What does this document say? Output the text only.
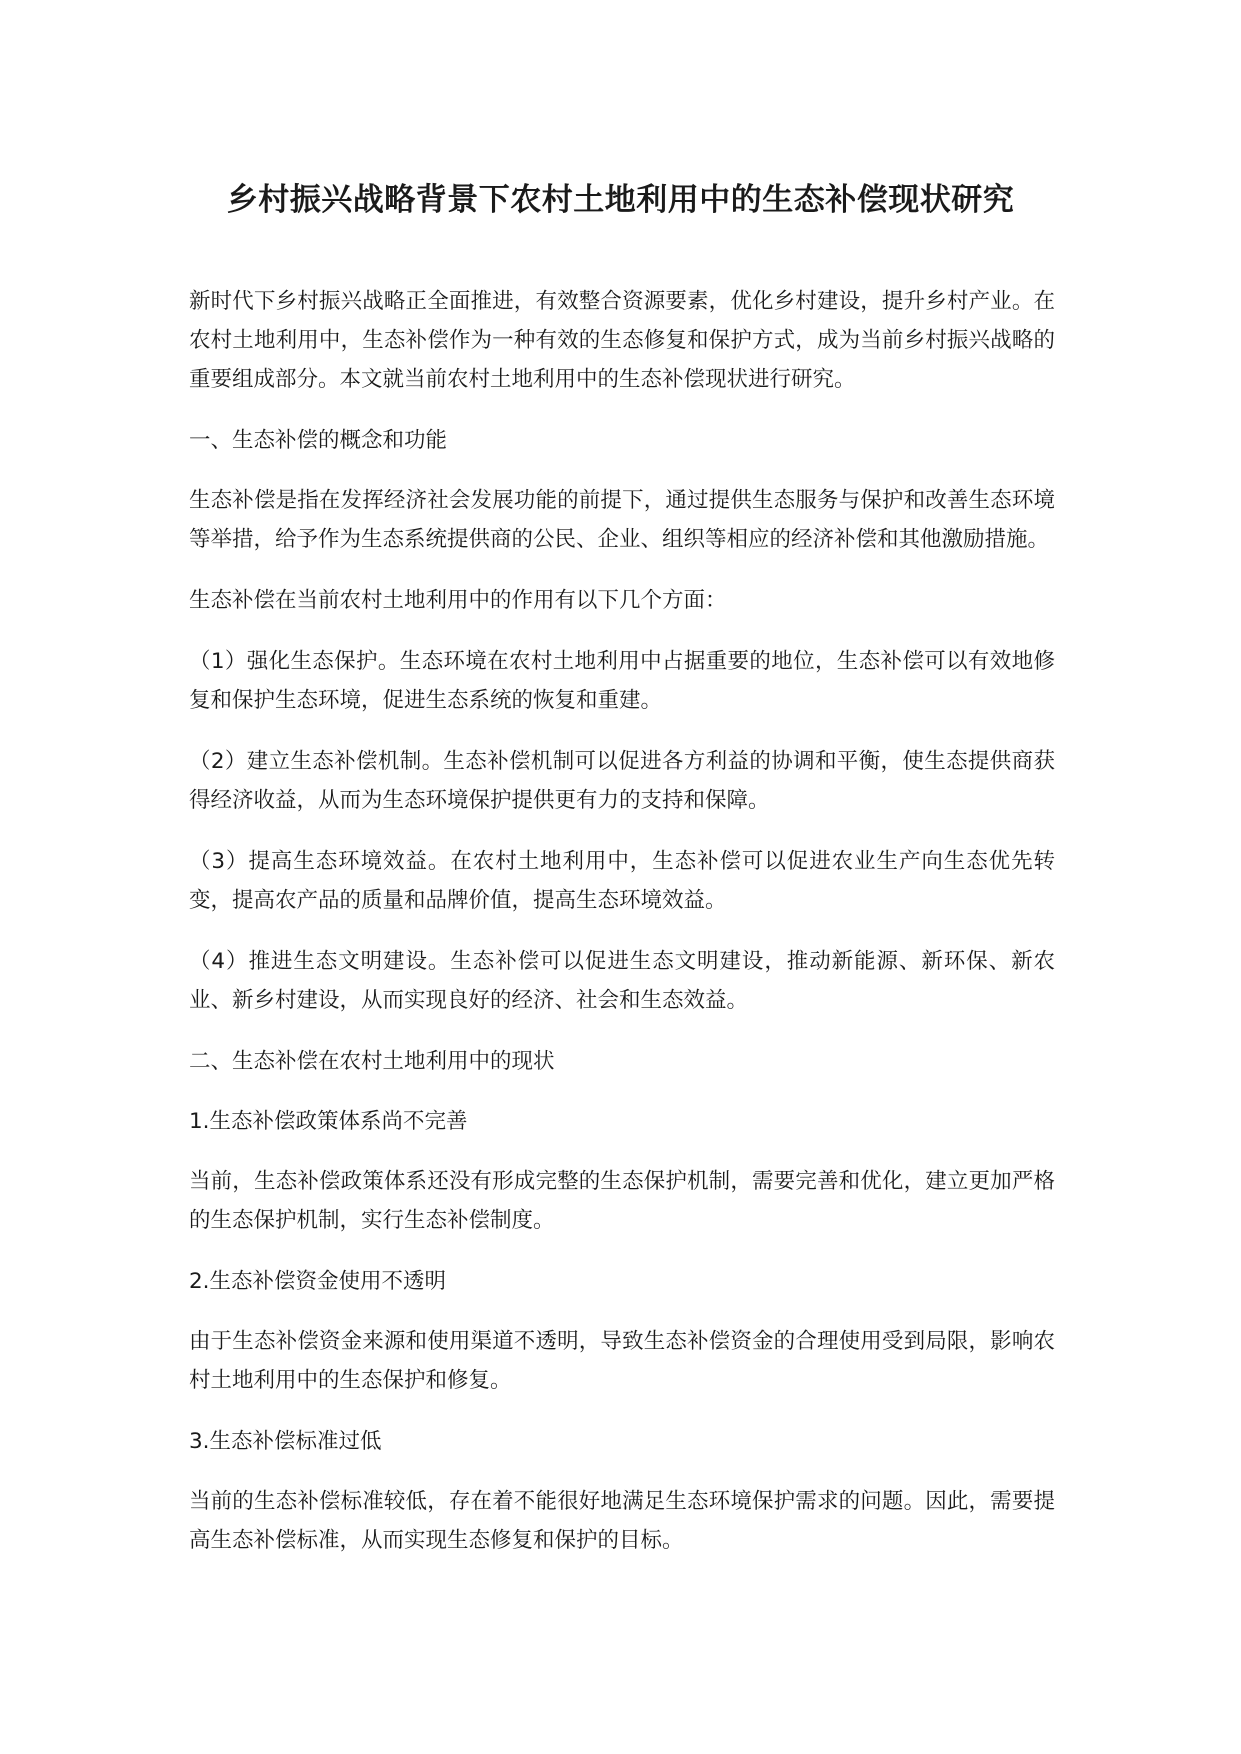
乡村振兴战略背景下农村土地利用中的生态补偿现状研究

新时代下乡村振兴战略正全面推进，有效整合资源要素，优化乡村建设，提升乡村产业。在农村土地利用中，生态补偿作为一种有效的生态修复和保护方式，成为当前乡村振兴战略的重要组成部分。本文就当前农村土地利用中的生态补偿现状进行研究。

一、生态补偿的概念和功能

生态补偿是指在发挥经济社会发展功能的前提下，通过提供生态服务与保护和改善生态环境等举措，给予作为生态系统提供商的公民、企业、组织等相应的经济补偿和其他激励措施。

生态补偿在当前农村土地利用中的作用有以下几个方面：

（1）强化生态保护。生态环境在农村土地利用中占据重要的地位，生态补偿可以有效地修复和保护生态环境，促进生态系统的恢复和重建。

（2）建立生态补偿机制。生态补偿机制可以促进各方利益的协调和平衡，使生态提供商获得经济收益，从而为生态环境保护提供更有力的支持和保障。

（3）提高生态环境效益。在农村土地利用中，生态补偿可以促进农业生产向生态优先转变，提高农产品的质量和品牌价值，提高生态环境效益。

（4）推进生态文明建设。生态补偿可以促进生态文明建设，推动新能源、新环保、新农业、新乡村建设，从而实现良好的经济、社会和生态效益。

二、生态补偿在农村土地利用中的现状

1.生态补偿政策体系尚不完善

当前，生态补偿政策体系还没有形成完整的生态保护机制，需要完善和优化，建立更加严格的生态保护机制，实行生态补偿制度。

2.生态补偿资金使用不透明

由于生态补偿资金来源和使用渠道不透明，导致生态补偿资金的合理使用受到局限，影响农村土地利用中的生态保护和修复。

3.生态补偿标准过低

当前的生态补偿标准较低，存在着不能很好地满足生态环境保护需求的问题。因此，需要提高生态补偿标准，从而实现生态修复和保护的目标。
